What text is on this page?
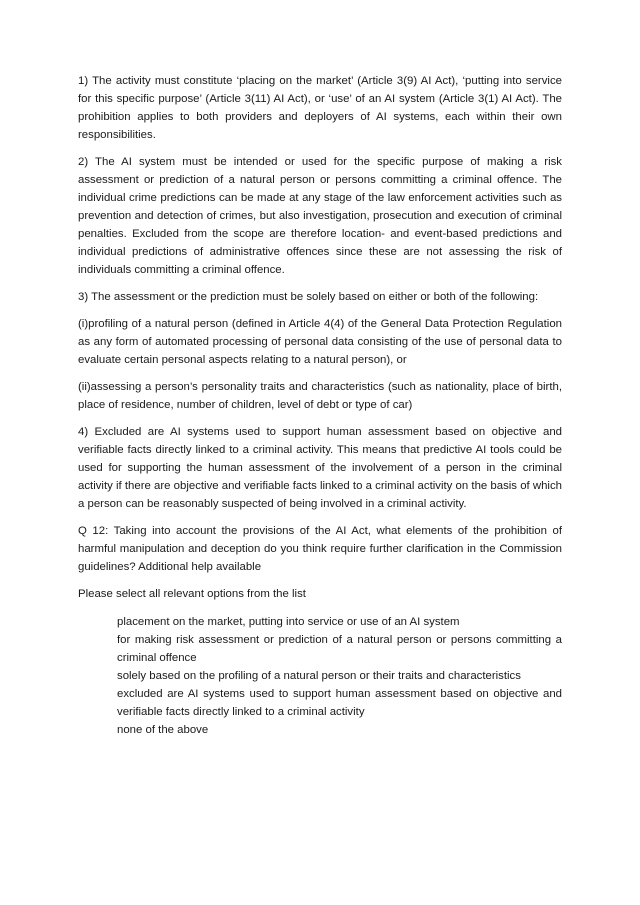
1) The activity must constitute ‘placing on the market’ (Article 3(9) AI Act), ‘putting into service for this specific purpose’ (Article 3(11) AI Act), or ‘use’ of an AI system (Article 3(1) AI Act). The prohibition applies to both providers and deployers of AI systems, each within their own responsibilities.

2) The AI system must be intended or used for the specific purpose of making a risk assessment or prediction of a natural person or persons committing a criminal offence. The individual crime predictions can be made at any stage of the law enforcement activities such as prevention and detection of crimes, but also investigation, prosecution and execution of criminal penalties. Excluded from the scope are therefore location- and event-based predictions and individual predictions of administrative offences since these are not assessing the risk of individuals committing a criminal offence.

3) The assessment or the prediction must be solely based on either or both of the following:

(i)profiling of a natural person (defined in Article 4(4) of the General Data Protection Regulation as any form of automated processing of personal data consisting of the use of personal data to evaluate certain personal aspects relating to a natural person), or

(ii)assessing a person’s personality traits and characteristics (such as nationality, place of birth, place of residence, number of children, level of debt or type of car)

4) Excluded are AI systems used to support human assessment based on objective and verifiable facts directly linked to a criminal activity. This means that predictive AI tools could be used for supporting the human assessment of the involvement of a person in the criminal activity if there are objective and verifiable facts linked to a criminal activity on the basis of which a person can be reasonably suspected of being involved in a criminal activity.

Q 12: Taking into account the provisions of the AI Act, what elements of the prohibition of harmful manipulation and deception do you think require further clarification in the Commission guidelines? Additional help available

Please select all relevant options from the list

placement on the market, putting into service or use of an AI system
for making risk assessment or prediction of a natural person or persons committing a criminal offence
solely based on the profiling of a natural person or their traits and characteristics
excluded are AI systems used to support human assessment based on objective and verifiable facts directly linked to a criminal activity
none of the above
